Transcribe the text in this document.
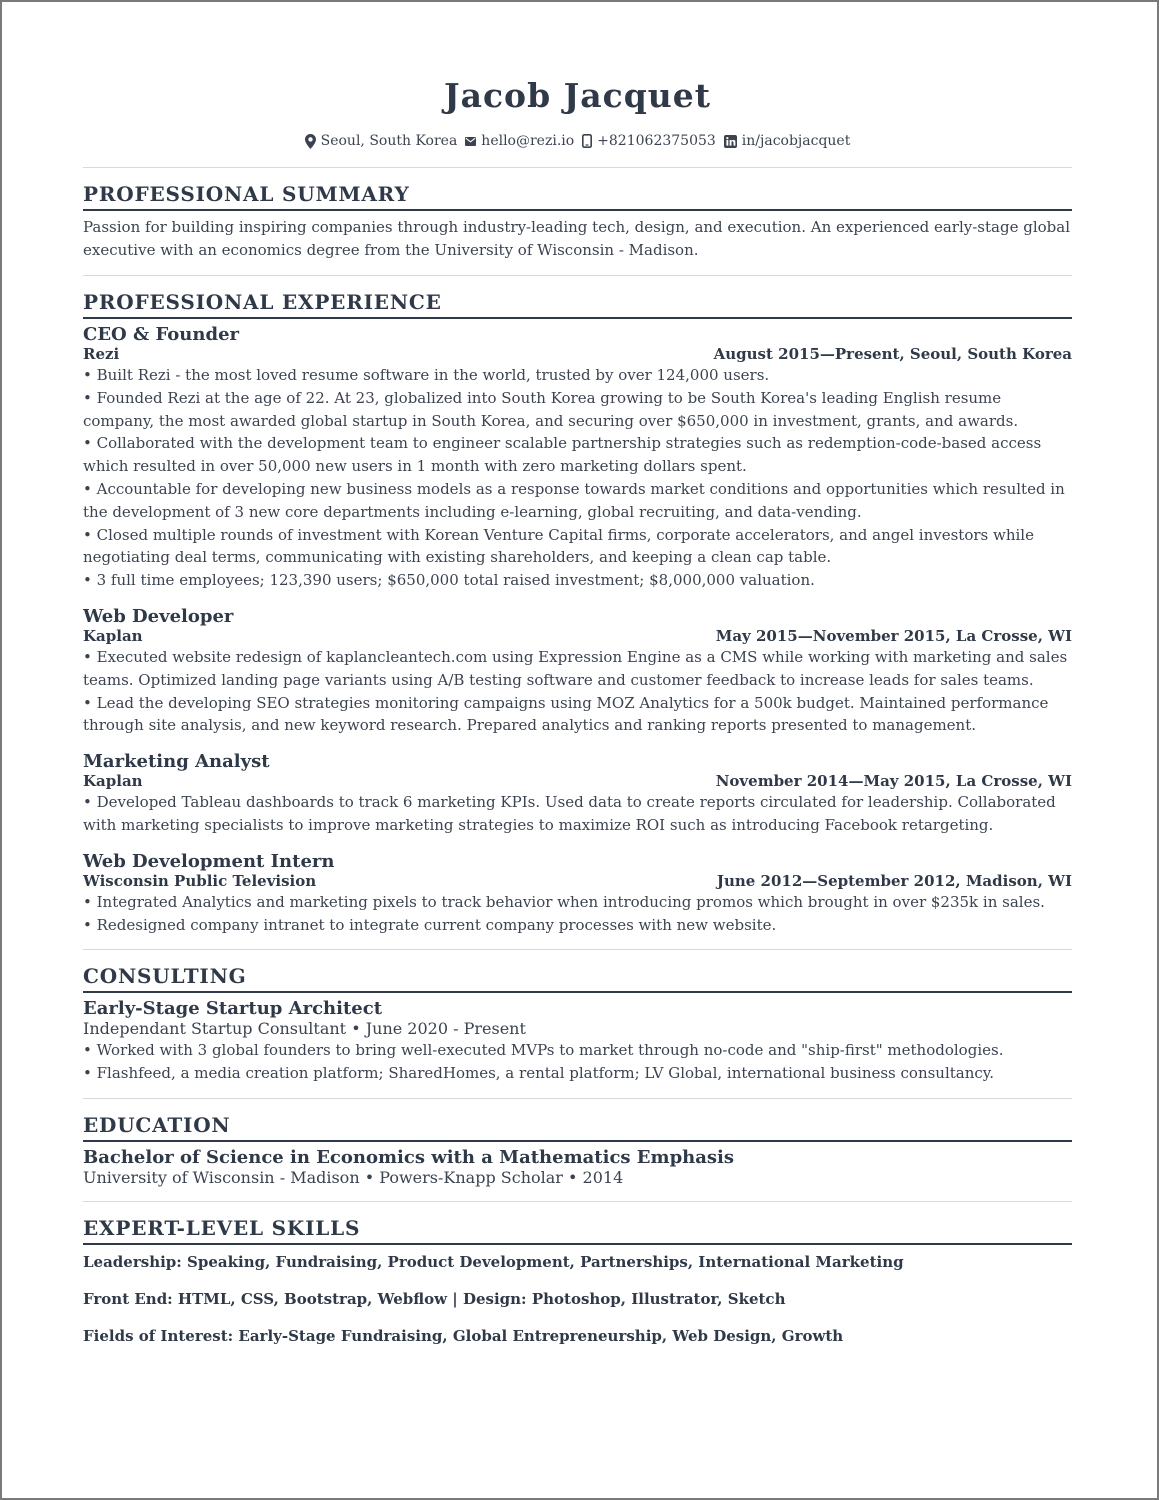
Jacob Jacquet
Seoul, South Korea hello@rezi.io +821062375053 in/jacobjacquet
PROFESSIONAL SUMMARY

Passion for building inspiring companies through industry-leading tech, design, and execution. An experienced early-stage global executive with an economics degree from the University of Wisconsin - Madison.

PROFESSIONAL EXPERIENCE

CEO & Founder

Rezi	August 2015—Present, Seoul, South Korea

• Built Rezi - the most loved resume software in the world, trusted by over 124,000 users.

• Founded Rezi at the age of 22. At 23, globalized into South Korea growing to be South Korea's leading English resume company, the most awarded global startup in South Korea, and securing over $650,000 in investment, grants, and awards.

• Collaborated with the development team to engineer scalable partnership strategies such as redemption-code-based access which resulted in over 50,000 new users in 1 month with zero marketing dollars spent.

• Accountable for developing new business models as a response towards market conditions and opportunities which resulted in the development of 3 new core departments including e-learning, global recruiting, and data-vending.

• Closed multiple rounds of investment with Korean Venture Capital firms, corporate accelerators, and angel investors while negotiating deal terms, communicating with existing shareholders, and keeping a clean cap table.

• 3 full time employees; 123,390 users; $650,000 total raised investment; $8,000,000 valuation.

Web Developer

Kaplan	May 2015—November 2015, La Crosse, WI

• Executed website redesign of kaplancleantech.com using Expression Engine as a CMS while working with marketing and sales teams. Optimized landing page variants using A/B testing software and customer feedback to increase leads for sales teams.

• Lead the developing SEO strategies monitoring campaigns using MOZ Analytics for a 500k budget. Maintained performance through site analysis, and new keyword research. Prepared analytics and ranking reports presented to management.

Marketing Analyst

Kaplan	November 2014—May 2015, La Crosse, WI

• Developed Tableau dashboards to track 6 marketing KPIs. Used data to create reports circulated for leadership. Collaborated with marketing specialists to improve marketing strategies to maximize ROI such as introducing Facebook retargeting.

Web Development Intern

Wisconsin Public Television	June 2012—September 2012, Madison, WI

• Integrated Analytics and marketing pixels to track behavior when introducing promos which brought in over $235k in sales.

• Redesigned company intranet to integrate current company processes with new website.

CONSULTING

Early-Stage Startup Architect

Independant Startup Consultant • June 2020 - Present

• Worked with 3 global founders to bring well-executed MVPs to market through no-code and "ship-first" methodologies.

• Flashfeed, a media creation platform; SharedHomes, a rental platform; LV Global, international business consultancy.

EDUCATION

Bachelor of Science in Economics with a Mathematics Emphasis

University of Wisconsin - Madison • Powers-Knapp Scholar • 2014

EXPERT-LEVEL SKILLS

Leadership: Speaking, Fundraising, Product Development, Partnerships, International Marketing

Front End: HTML, CSS, Bootstrap, Webflow | Design: Photoshop, Illustrator, Sketch

Fields of Interest: Early-Stage Fundraising, Global Entrepreneurship, Web Design, Growth
